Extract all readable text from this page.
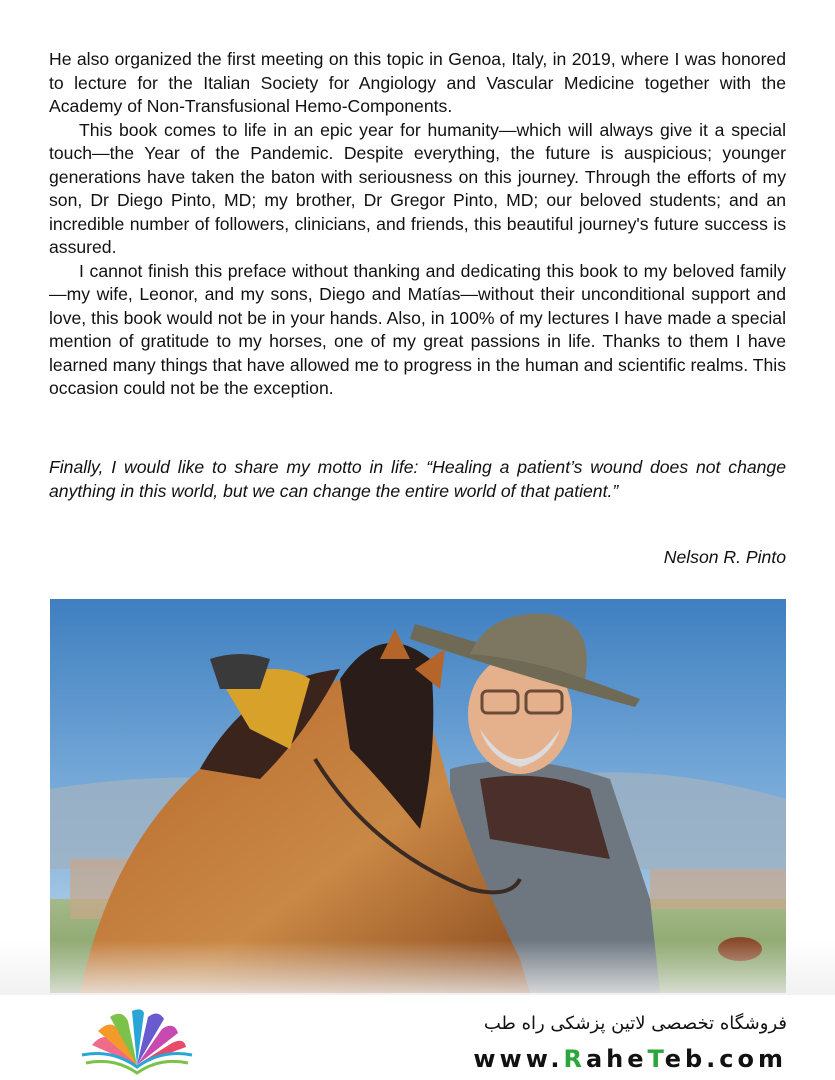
He also organized the first meeting on this topic in Genoa, Italy, in 2019, where I was honored to lecture for the Italian Society for Angiology and Vascular Medicine together with the Academy of Non-Transfusional Hemo-Components.

This book comes to life in an epic year for humanity—which will always give it a special touch—the Year of the Pandemic. Despite everything, the future is auspicious; younger generations have taken the baton with seriousness on this journey. Through the efforts of my son, Dr Diego Pinto, MD; my brother, Dr Gregor Pinto, MD; our beloved students; and an incredible number of followers, clinicians, and friends, this beautiful journey's future success is assured.

I cannot finish this preface without thanking and dedicating this book to my beloved family—my wife, Leonor, and my sons, Diego and Matías—without their unconditional support and love, this book would not be in your hands. Also, in 100% of my lectures I have made a special mention of gratitude to my horses, one of my great passions in life. Thanks to them I have learned many things that have allowed me to progress in the human and scientific realms. This occasion could not be the exception.

Finally, I would like to share my motto in life: “Healing a patient’s wound does not change anything in this world, but we can change the entire world of that patient.”
Nelson R. Pinto
فروشگاه تخصصی لاتین پزشکی راه طب
www.RaheTeb.com
